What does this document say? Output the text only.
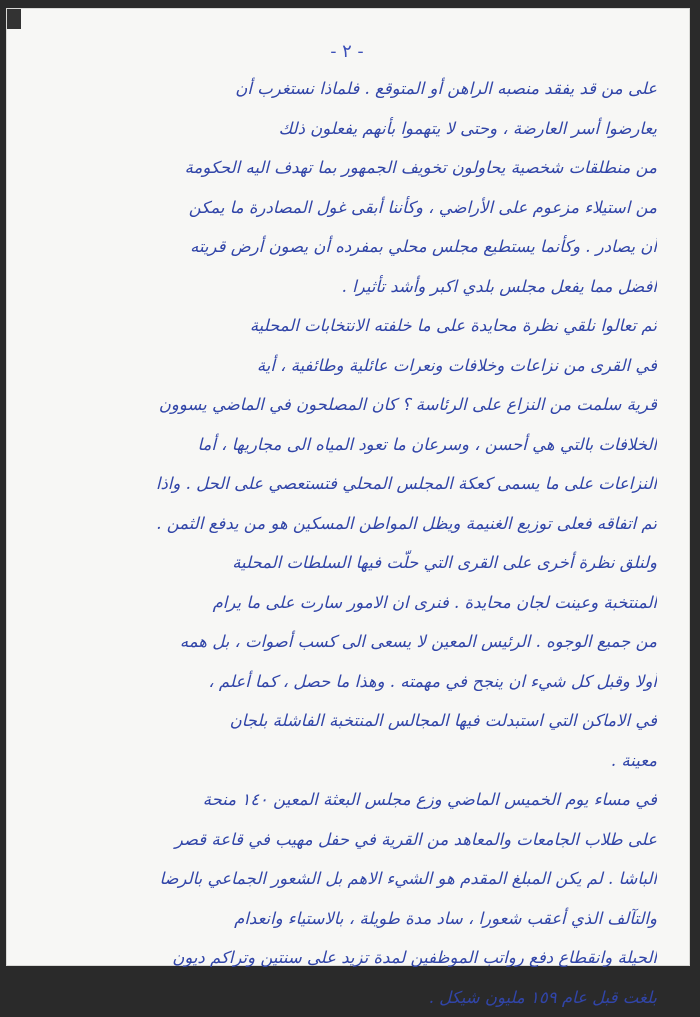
- ٢ -
على من قد يفقد منصبه الراهن أو المتوقع . فلماذا نستغرب أن
يعارضوا أسر العارضة ، وحتى لا يتهموا بأنهم يفعلون ذلك
من منطلقات شخصية يحاولون تخويف الجمهور بما تهدف اليه الحكومة
من استيلاء مزعوم على الأراضي ، وكأننا أبقى غول المصادرة ما يمكن
أن يصادر . وكأنما يستطيع مجلس محلي بمفرده أن يصون أرض قريته
افضل مما يفعل مجلس بلدي اكبر وأشد تأثيرا .
ثم تعالوا نلقي نظرة محايدة على ما خلفته الانتخابات المحلية
في القرى من نزاعات وخلافات ونعرات عائلية وطائفية ، أية
قرية سلمت من النزاع على الرئاسة ؟ كان المصلحون في الماضي يسوون
الخلافات بالتي هي أحسن ، وسرعان ما تعود المياه الى مجاريها ، أما
النزاعات على ما يسمى كعكة المجلس المحلي فتستعصي على الحل . واذا
تم اتفاقه فعلى توزيع الغنيمة ويظل المواطن المسكين هو من يدفع الثمن .
ولنلق نظرة أخرى على القرى التي حلّت فيها السلطات المحلية
المنتخبة وعينت لجان محايدة . فنرى ان الامور سارت على ما يرام
من جميع الوجوه . الرئيس المعين لا يسعى الى كسب أصوات ، بل همه
أولا وقبل كل شيء ان ينجح في مهمته . وهذا ما حصل ، كما أعلم ،
في الاماكن التي استبدلت فيها المجالس المنتخبة الفاشلة بلجان
معينة .
في مساء يوم الخميس الماضي وزع مجلس البعثة المعين ١٤٠ منحة
على طلاب الجامعات والمعاهد من القرية في حفل مهيب في قاعة قصر
الباشا . لم يكن المبلغ المقدم هو الشيء الاهم بل الشعور الجماعي بالرضا
والتآلف الذي أعقب شعورا ، ساد مدة طويلة ، بالاستياء وانعدام
الحيلة وانقطاع دفع رواتب الموظفين لمدة تزيد على سنتين وتراكم ديون
بلغت قبل عام ١٥٩ مليون شيكل .
